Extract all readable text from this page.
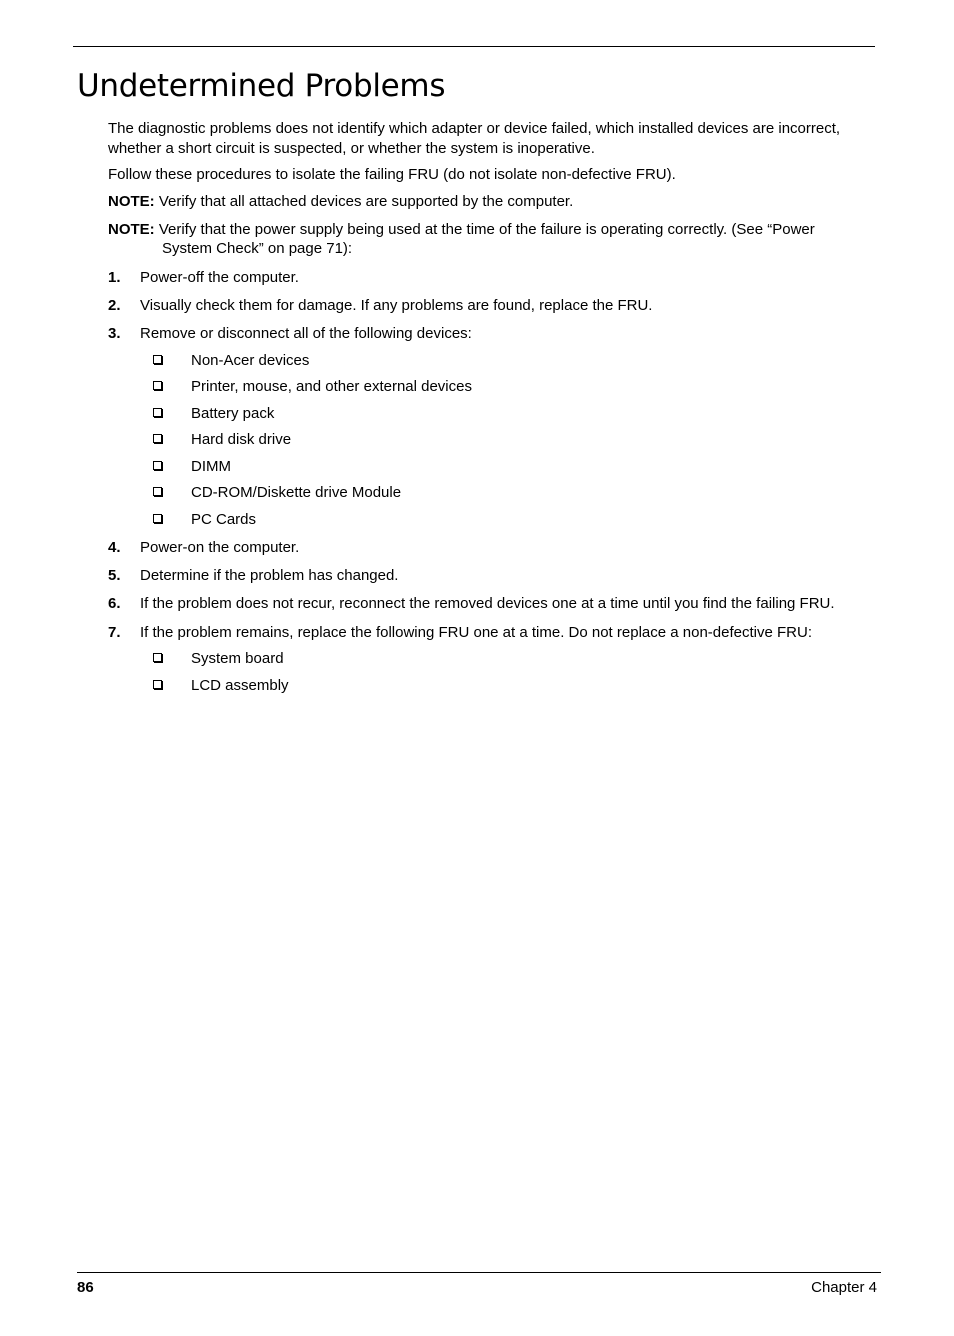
Undetermined Problems
The diagnostic problems does not identify which adapter or device failed, which installed devices are incorrect,
whether a short circuit is suspected, or whether the system is inoperative.
Follow these procedures to isolate the failing FRU (do not isolate non-defective FRU).
NOTE: Verify that all attached devices are supported by the computer.
NOTE: Verify that the power supply being used at the time of the failure is operating correctly. (See “Power
System Check” on page 71):
1. Power-off the computer.
2. Visually check them for damage. If any problems are found, replace the FRU.
3. Remove or disconnect all of the following devices:
Non-Acer devices
Printer, mouse, and other external devices
Battery pack
Hard disk drive
DIMM
CD-ROM/Diskette drive Module
PC Cards
4. Power-on the computer.
5. Determine if the problem has changed.
6. If the problem does not recur, reconnect the removed devices one at a time until you find the failing FRU.
7. If the problem remains, replace the following FRU one at a time. Do not replace a non-defective FRU:
System board
LCD assembly
86	Chapter 4
